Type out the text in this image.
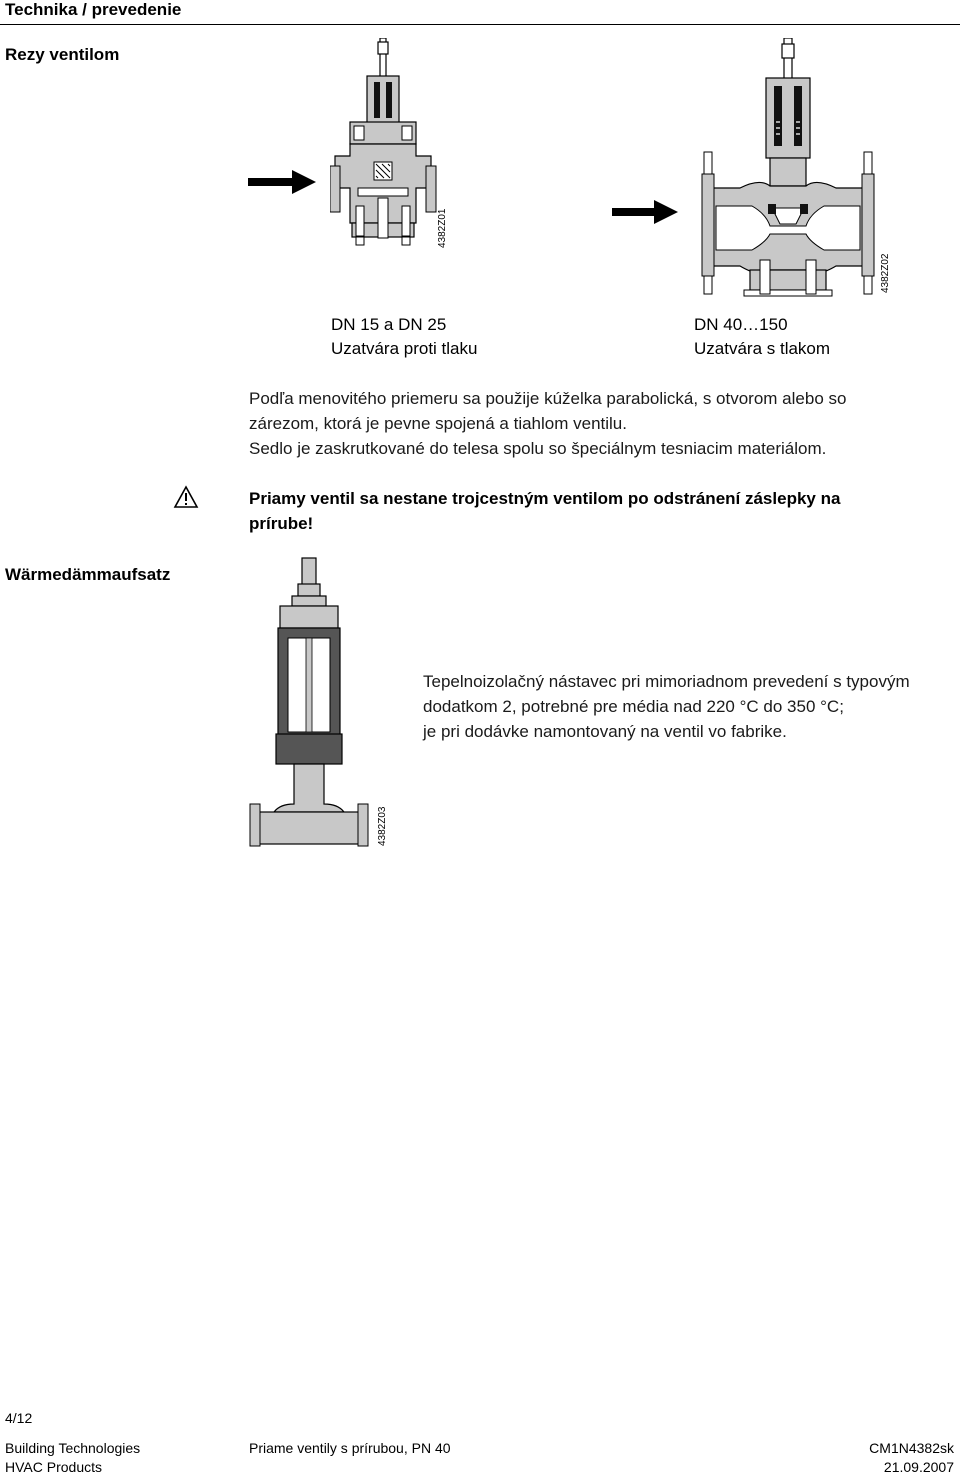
Technika / prevedenie
Rezy ventilom
4382Z01
4382Z02
DN 15 a DN 25
Uzatvára proti tlaku
DN 40…150
Uzatvára s tlakom
Podľa menovitého priemeru sa použije kúželka parabolická, s otvorom alebo so
zárezom, ktorá je pevne spojená a tiahlom ventilu.
Sedlo je zaskrutkované do telesa spolu so špeciálnym tesniacim materiálom.
Priamy ventil sa nestane trojcestným ventilom po odstránení záslepky na
prírube!
Wärmedämmaufsatz
4382Z03
Tepelnoizolačný nástavec pri mimoriadnom prevedení s typovým
dodatkom 2, potrebné pre média nad 220 °C do 350 °C;
je pri dodávke namontovaný na ventil vo fabrike.
4/12
Building Technologies
HVAC Products
Priame ventily s prírubou, PN 40	CM1N4382sk
21.09.2007
